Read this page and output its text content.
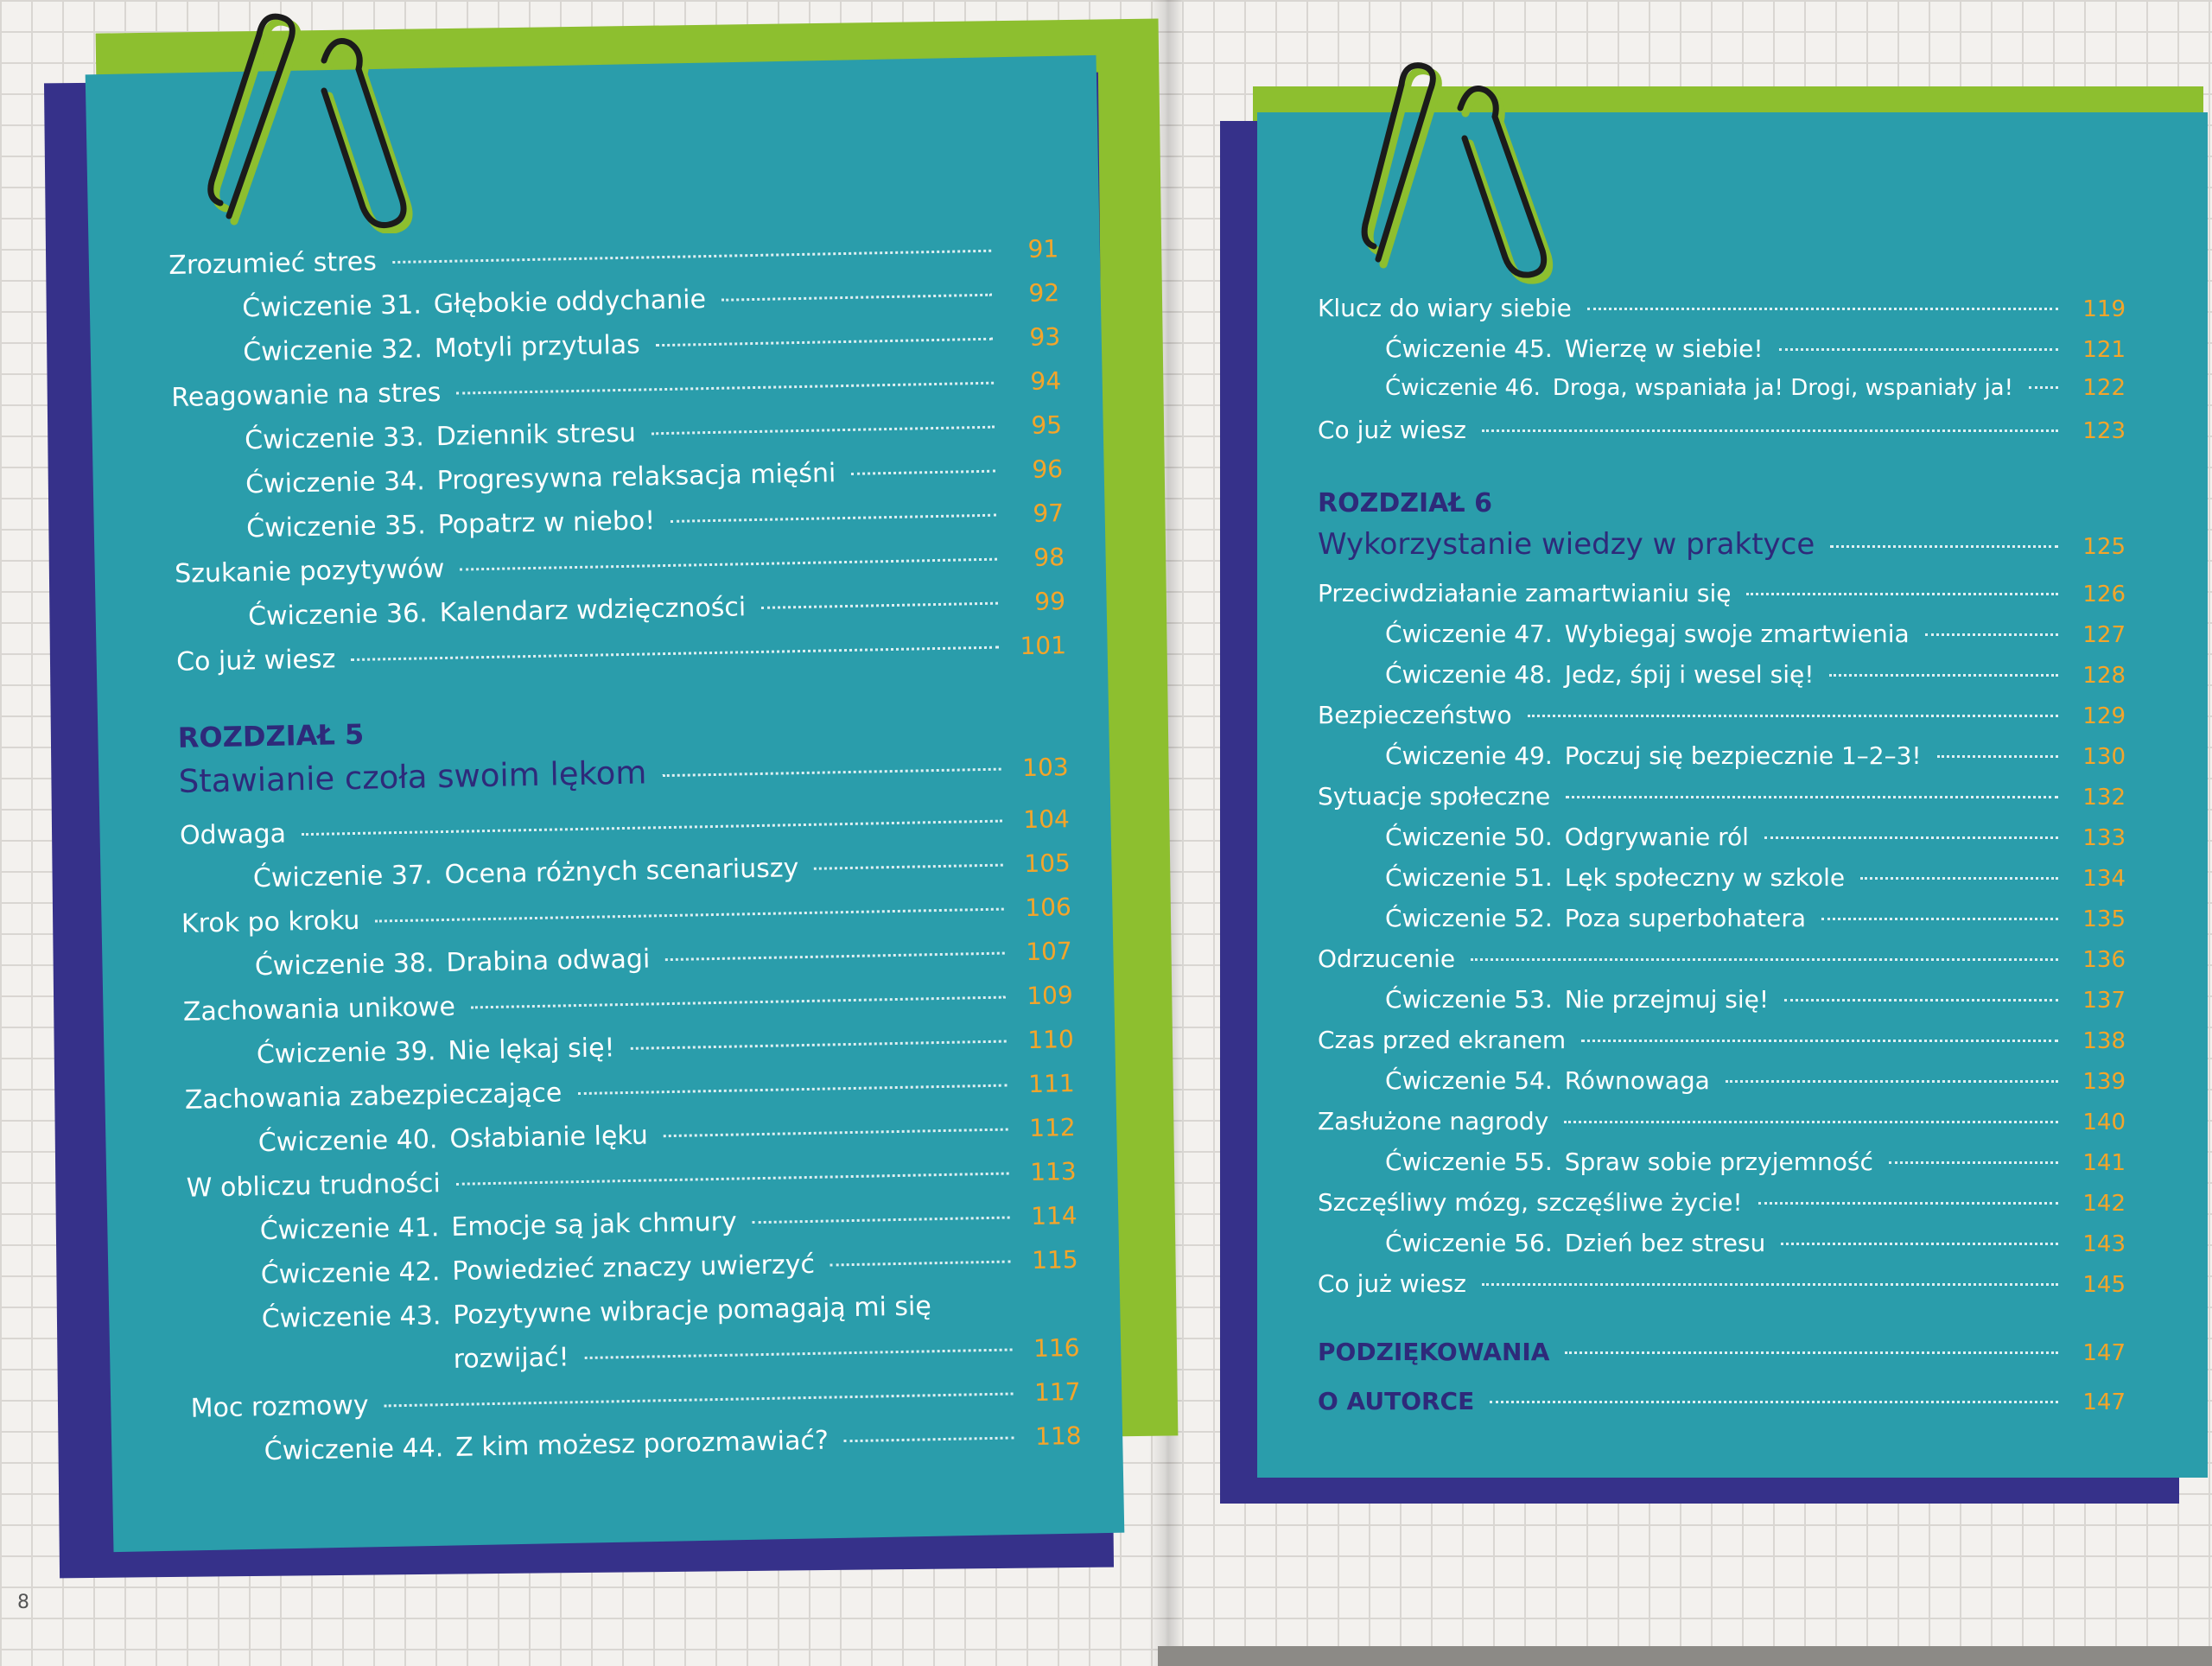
8
Zrozumieć stres	91
Ćwiczenie 31. Głębokie oddychanie	92
Ćwiczenie 32. Motyli przytulas	93
Reagowanie na stres	94
Ćwiczenie 33. Dziennik stresu	95
Ćwiczenie 34. Progresywna relaksacja mięśni	96
Ćwiczenie 35. Popatrz w niebo!	97
Szukanie pozytywów	98
Ćwiczenie 36. Kalendarz wdzięczności	99
Co już wiesz	101
ROZDZIAŁ 5
Stawianie czoła swoim lękom	103
Odwaga	104
Ćwiczenie 37. Ocena różnych scenariuszy	105
Krok po kroku	106
Ćwiczenie 38. Drabina odwagi	107
Zachowania unikowe	109
Ćwiczenie 39. Nie lękaj się!	110
Zachowania zabezpieczające	111
Ćwiczenie 40. Osłabianie lęku	112
W obliczu trudności	113
Ćwiczenie 41. Emocje są jak chmury	114
Ćwiczenie 42. Powiedzieć znaczy uwierzyć	115
Ćwiczenie 43. Pozytywne wibracje pomagają mi się
rozwijać!	116
Moc rozmowy	117
Ćwiczenie 44. Z kim możesz porozmawiać?	118
Klucz do wiary siebie	119
Ćwiczenie 45. Wierzę w siebie!	121
Ćwiczenie 46. Droga, wspaniała ja! Drogi, wspaniały ja!	122
Co już wiesz	123
ROZDZIAŁ 6
Wykorzystanie wiedzy w praktyce	125
Przeciwdziałanie zamartwianiu się	126
Ćwiczenie 47. Wybiegaj swoje zmartwienia	127
Ćwiczenie 48. Jedz, śpij i wesel się!	128
Bezpieczeństwo	129
Ćwiczenie 49. Poczuj się bezpiecznie 1–2–3!	130
Sytuacje społeczne	132
Ćwiczenie 50. Odgrywanie ról	133
Ćwiczenie 51. Lęk społeczny w szkole	134
Ćwiczenie 52. Poza superbohatera	135
Odrzucenie	136
Ćwiczenie 53. Nie przejmuj się!	137
Czas przed ekranem	138
Ćwiczenie 54. Równowaga	139
Zasłużone nagrody	140
Ćwiczenie 55. Spraw sobie przyjemność	141
Szczęśliwy mózg, szczęśliwe życie!	142
Ćwiczenie 56. Dzień bez stresu	143
Co już wiesz	145
PODZIĘKOWANIA	147
O AUTORCE	147
